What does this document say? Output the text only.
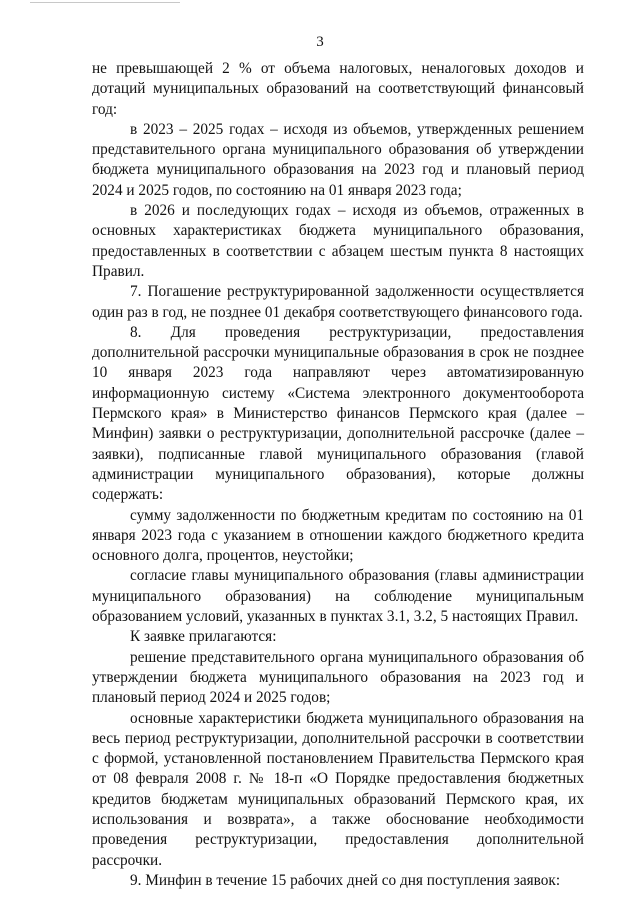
3

не превышающей 2 % от объема налоговых, неналоговых доходов и дотаций муниципальных образований на соответствующий финансовый год:

в 2023 – 2025 годах – исходя из объемов, утвержденных решением представительного органа муниципального образования об утверждении бюджета муниципального образования на 2023 год и плановый период 2024 и 2025 годов, по состоянию на 01 января 2023 года;

в 2026 и последующих годах – исходя из объемов, отраженных в основных характеристиках бюджета муниципального образования, предоставленных в соответствии с абзацем шестым пункта 8 настоящих Правил.

7. Погашение реструктурированной задолженности осуществляется один раз в год, не позднее 01 декабря соответствующего финансового года.

8. Для проведения реструктуризации, предоставления дополнительной рассрочки муниципальные образования в срок не позднее 10 января 2023 года направляют через автоматизированную информационную систему «Система электронного документооборота Пермского края» в Министерство финансов Пермского края (далее – Минфин) заявки о реструктуризации, дополнительной рассрочке (далее – заявки), подписанные главой муниципального образования (главой администрации муниципального образования), которые должны содержать:

сумму задолженности по бюджетным кредитам по состоянию на 01 января 2023 года с указанием в отношении каждого бюджетного кредита основного долга, процентов, неустойки;

согласие главы муниципального образования (главы администрации муниципального образования) на соблюдение муниципальным образованием условий, указанных в пунктах 3.1, 3.2, 5 настоящих Правил.

К заявке прилагаются:

решение представительного органа муниципального образования об утверждении бюджета муниципального образования на 2023 год и плановый период 2024 и 2025 годов;

основные характеристики бюджета муниципального образования на весь период реструктуризации, дополнительной рассрочки в соответствии с формой, установленной постановлением Правительства Пермского края от 08 февраля 2008 г. № 18-п «О Порядке предоставления бюджетных кредитов бюджетам муниципальных образований Пермского края, их использования и возврата», а также обоснование необходимости проведения реструктуризации, предоставления дополнительной рассрочки.

9. Минфин в течение 15 рабочих дней со дня поступления заявок:
